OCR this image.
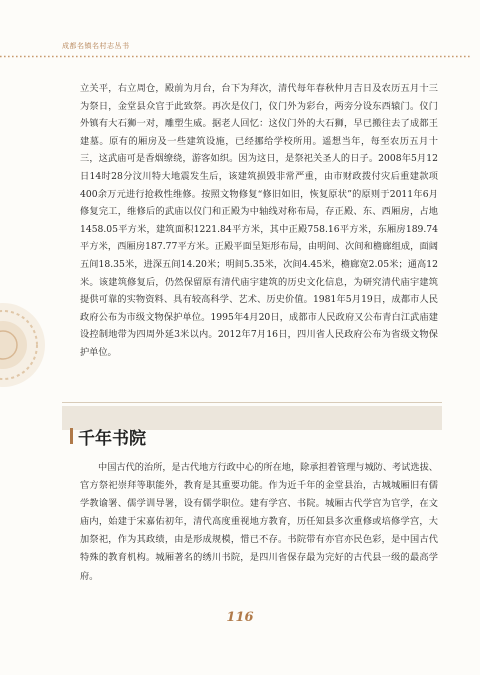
成都名镇名村志丛书
立关平，右立周仓，殿前为月台，台下为拜次，清代每年春秋仲月吉日及农历五月十三为祭日，金堂县众官于此致祭。再次是仪门，仪门外为彩台，两旁分设东西辕门。仪门外镇有大石狮一对，雕塑生威。据老人回忆：这仪门外的大石狮，早已搬往去了成都王建墓。原有的厢房及一些建筑设施，已经挪给学校所用。遥想当年，每至农历五月十三，这武庙可是香烟缭绕，游客如织。因为这日，是祭祀关圣人的日子。2008年5月12日14时28分汶川特大地震发生后，该建筑损毁非常严重，由市财政拨付灾后重建款项400余万元进行抢救性维修。按照文物修复“修旧如旧，恢复原状”的原则于2011年6月修复完工，维修后的武庙以仪门和正殿为中轴线对称布局，存正殿、东、西厢房，占地1458.05平方米，建筑面积1221.84平方米，其中正殿758.16平方米，东厢房189.74平方米，西厢房187.77平方米。正殿平面呈矩形布局，由明间、次间和檐廊组成，面阔五间18.35米，进深五间14.20米；明间5.35米，次间4.45米，檐廊宽2.05米；通高12米。该建筑修复后，仍然保留原有清代庙宇建筑的历史文化信息，为研究清代庙宇建筑提供可靠的实物资料、具有较高科学、艺术、历史价值。1981年5月19日，成都市人民政府公布为市级文物保护单位。1995年4月20日，成都市人民政府又公布青白江武庙建设控制地带为四周外延3米以内。2012年7月16日，四川省人民政府公布为省级文物保护单位。
千年书院
中国古代的治所，是古代地方行政中心的所在地，除承担着管理与城防、考试选拔、官方祭祀崇拜等职能外，教育是其重要功能。作为近千年的金堂县治，古城城厢旧有儒学教谕署、儒学训导署，设有儒学职位。建有学宫、书院。城厢古代学宫为官学，在文庙内，始建于宋嘉佑初年，清代高度重视地方教育，历任知县多次重修或培修学宫，大加祭祀，作为其政绩，由是形成规模，惜已不存。书院带有亦官亦民色彩，是中国古代特殊的教育机构。城厢著名的绣川书院，是四川省保存最为完好的古代县一级的最高学府。
116
